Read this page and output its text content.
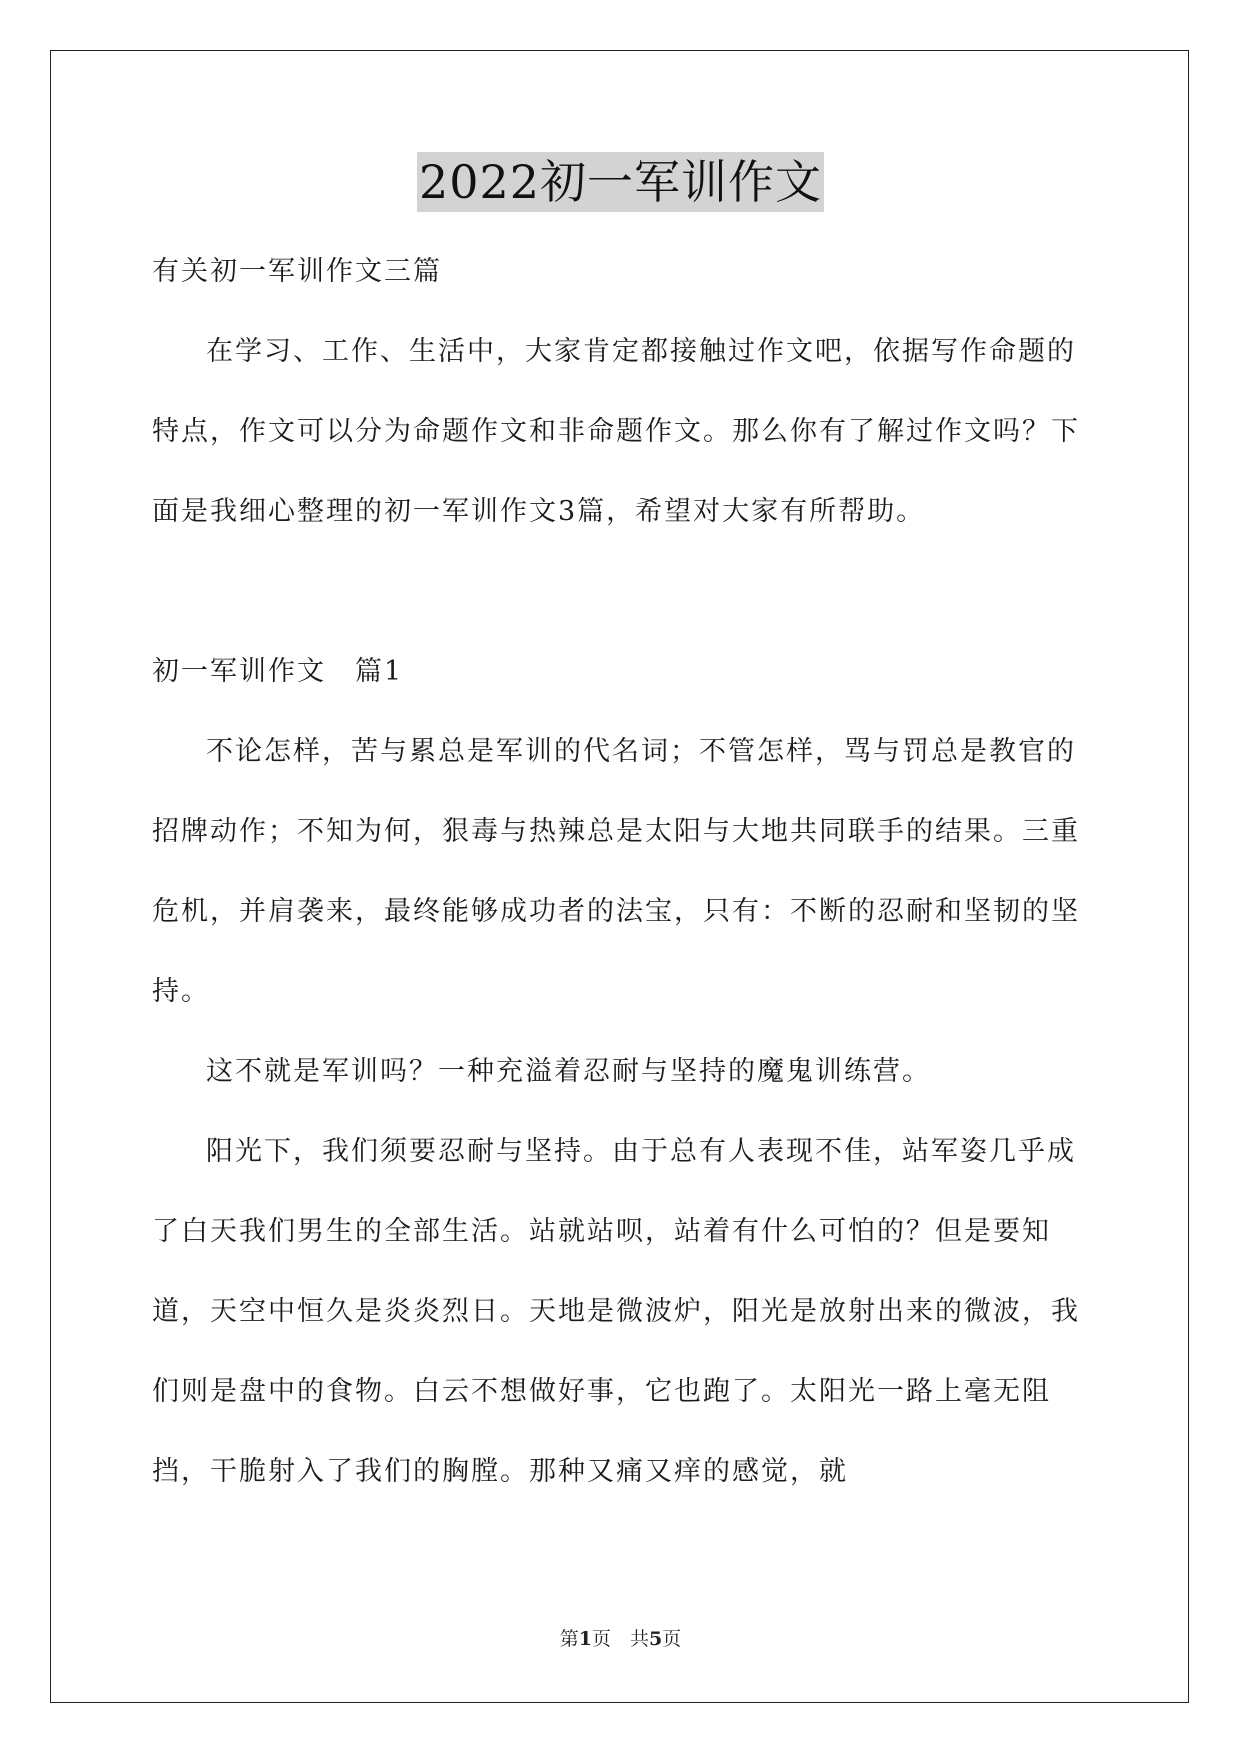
2022初一军训作文

有关初一军训作文三篇

在学习、工作、生活中，大家肯定都接触过作文吧，依据写作命题的特点，作文可以分为命题作文和非命题作文。那么你有了解过作文吗？下面是我细心整理的初一军训作文3篇，希望对大家有所帮助。

初一军训作文　篇1

不论怎样，苦与累总是军训的代名词；不管怎样，骂与罚总是教官的招牌动作；不知为何，狠毒与热辣总是太阳与大地共同联手的结果。三重危机，并肩袭来，最终能够成功者的法宝，只有：不断的忍耐和坚韧的坚持。

这不就是军训吗？一种充溢着忍耐与坚持的魔鬼训练营。

阳光下，我们须要忍耐与坚持。由于总有人表现不佳，站军姿几乎成了白天我们男生的全部生活。站就站呗，站着有什么可怕的？但是要知道，天空中恒久是炎炎烈日。天地是微波炉，阳光是放射出来的微波，我们则是盘中的食物。白云不想做好事，它也跑了。太阳光一路上毫无阻挡，干脆射入了我们的胸膛。那种又痛又痒的感觉，就

第1页　共5页
